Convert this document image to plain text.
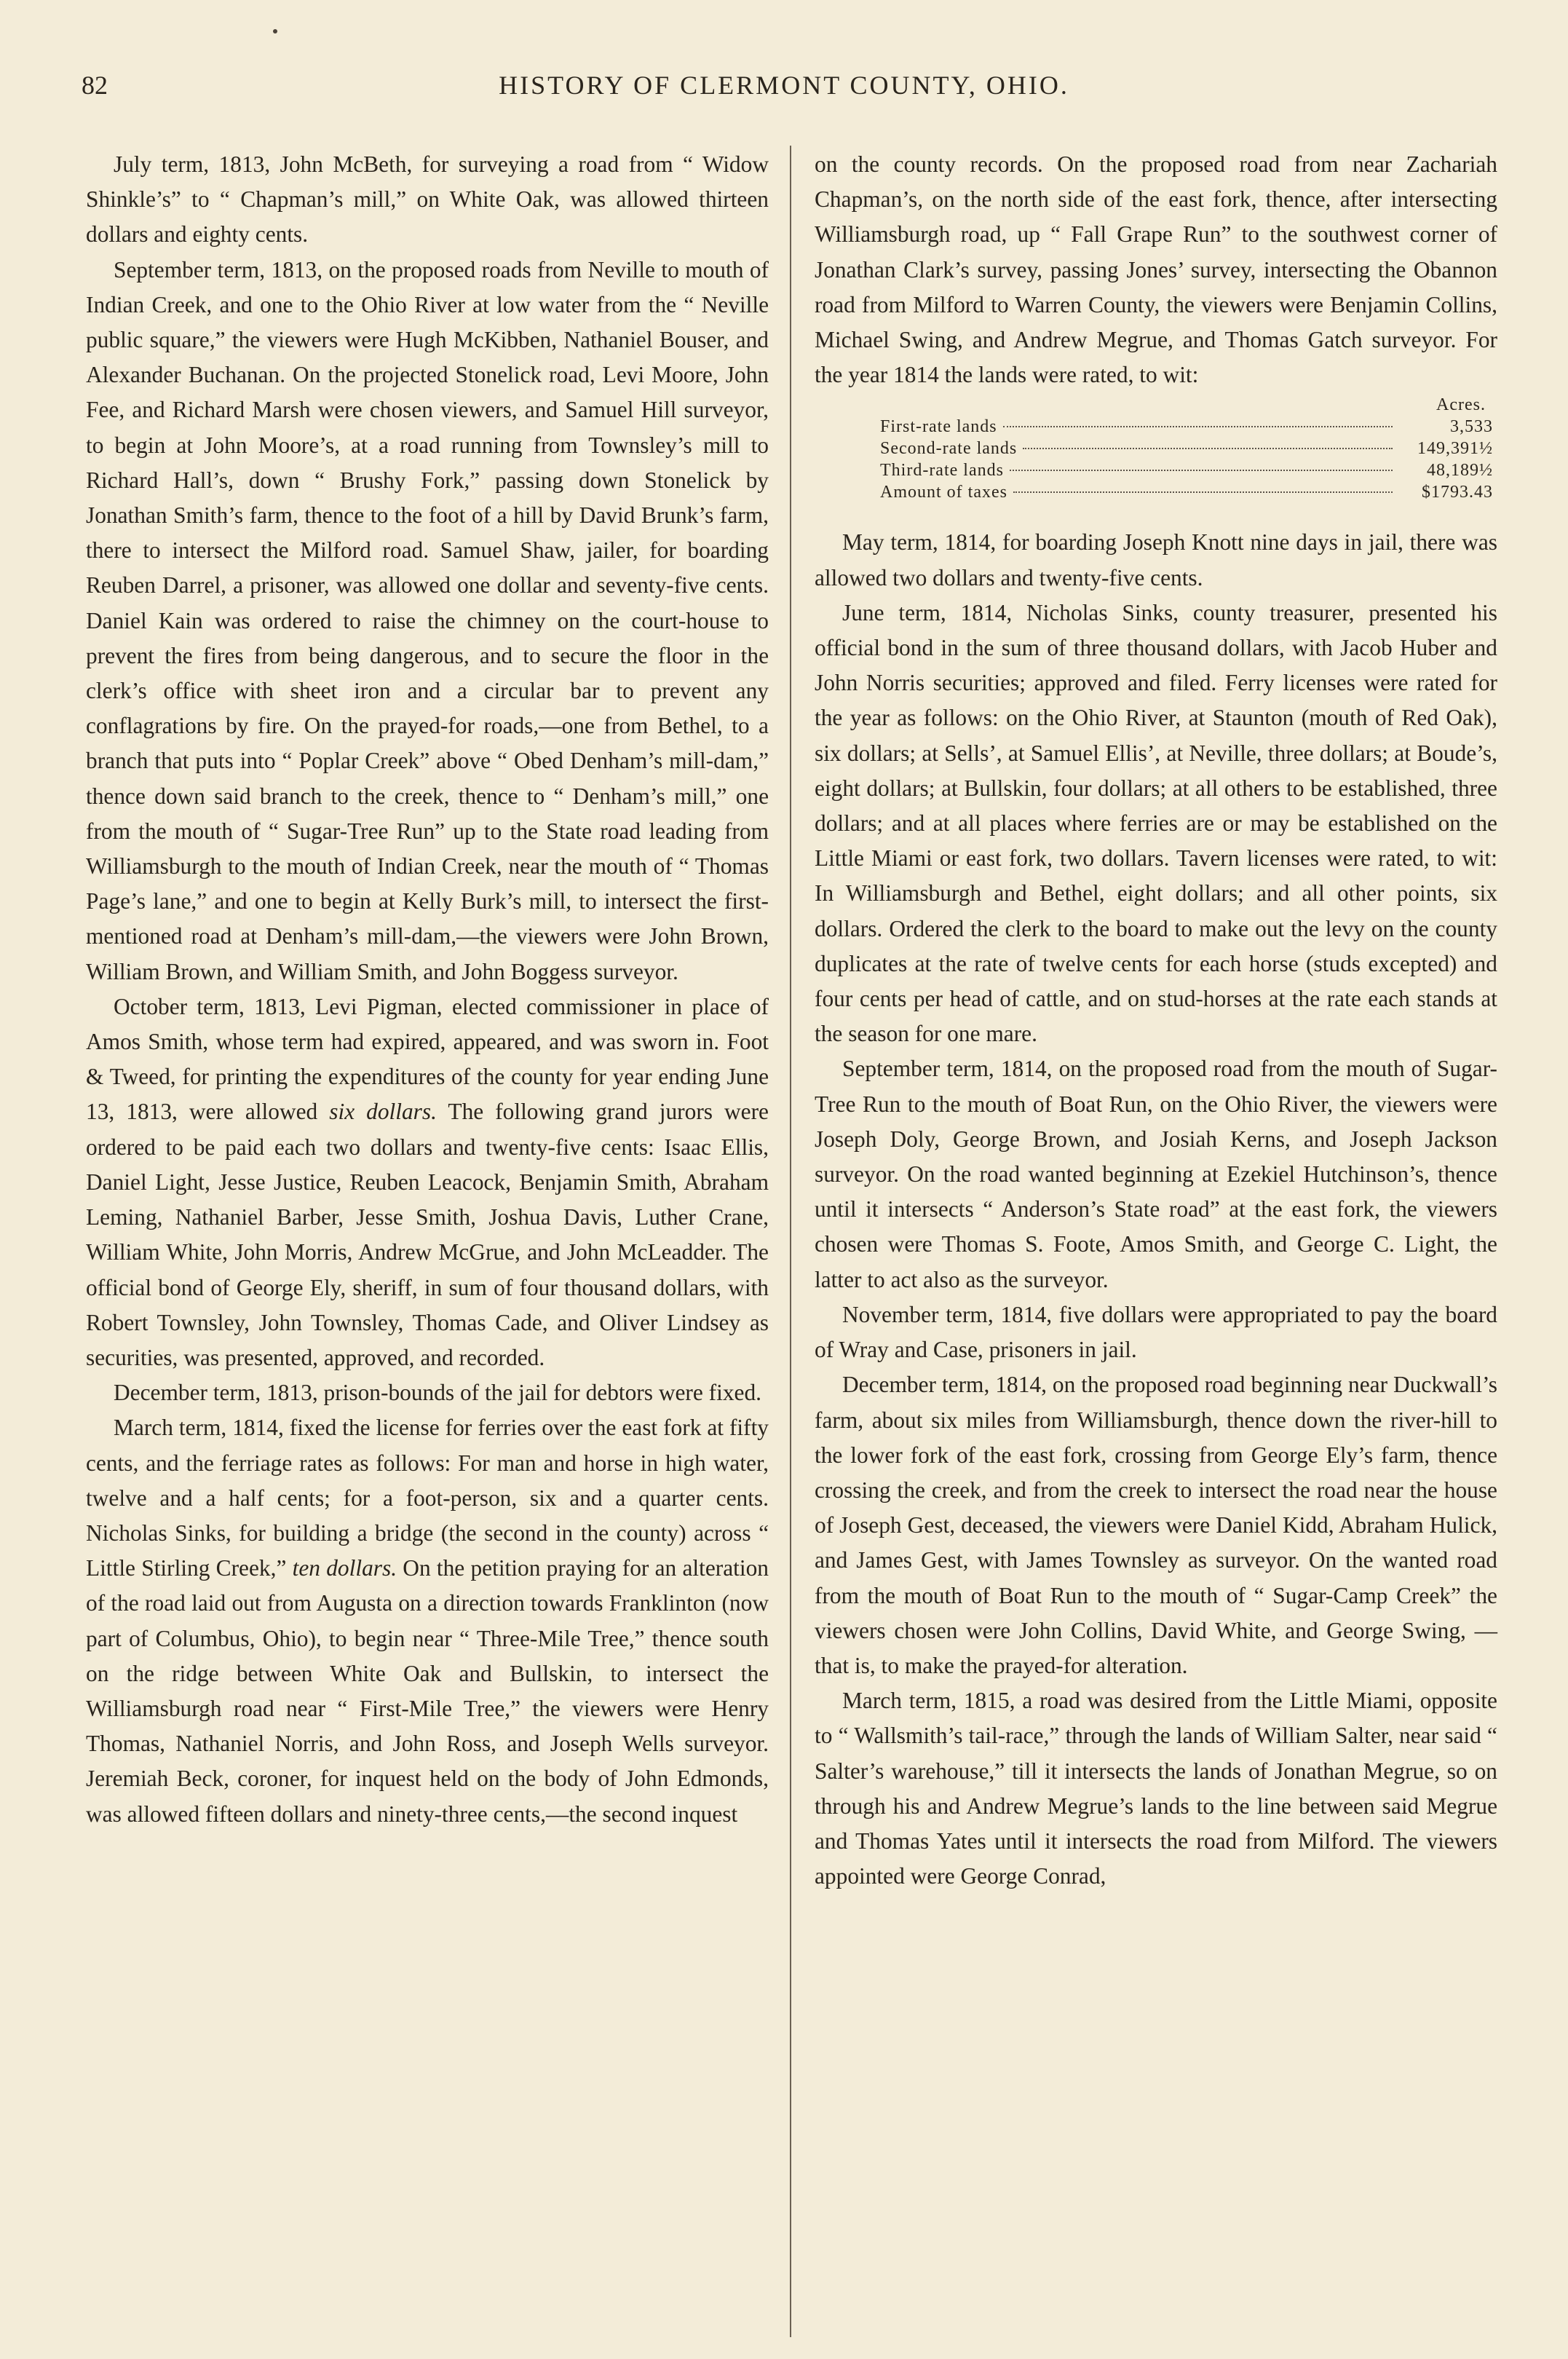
82	HISTORY OF CLERMONT COUNTY, OHIO.

July term, 1813, John McBeth, for surveying a road from “ Widow Shinkle’s” to “ Chapman’s mill,” on White Oak, was allowed thirteen dollars and eighty cents.

September term, 1813, on the proposed roads from Neville to mouth of Indian Creek, and one to the Ohio River at low water from the “ Neville public square,” the viewers were Hugh McKibben, Nathaniel Bouser, and Alexander Buchanan. On the projected Stonelick road, Levi Moore, John Fee, and Richard Marsh were chosen viewers, and Samuel Hill surveyor, to begin at John Moore’s, at a road running from Townsley’s mill to Richard Hall’s, down “ Brushy Fork,” passing down Stonelick by Jonathan Smith’s farm, thence to the foot of a hill by David Brunk’s farm, there to intersect the Milford road. Samuel Shaw, jailer, for boarding Reuben Darrel, a prisoner, was allowed one dollar and seventy-five cents. Daniel Kain was ordered to raise the chimney on the court-house to prevent the fires from being dangerous, and to secure the floor in the clerk’s office with sheet iron and a circular bar to prevent any conflagrations by fire. On the prayed-for roads,—one from Bethel, to a branch that puts into “ Poplar Creek” above “ Obed Denham’s mill-dam,” thence down said branch to the creek, thence to “ Denham’s mill,” one from the mouth of “ Sugar-Tree Run” up to the State road leading from Williamsburgh to the mouth of Indian Creek, near the mouth of “ Thomas Page’s lane,” and one to begin at Kelly Burk’s mill, to intersect the first-mentioned road at Denham’s mill-dam,—the viewers were John Brown, William Brown, and William Smith, and John Boggess surveyor.

October term, 1813, Levi Pigman, elected commissioner in place of Amos Smith, whose term had expired, appeared, and was sworn in. Foot & Tweed, for printing the expenditures of the county for year ending June 13, 1813, were allowed six dollars. The following grand jurors were ordered to be paid each two dollars and twenty-five cents: Isaac Ellis, Daniel Light, Jesse Justice, Reuben Leacock, Benjamin Smith, Abraham Leming, Nathaniel Barber, Jesse Smith, Joshua Davis, Luther Crane, William White, John Morris, Andrew McGrue, and John McLeadder. The official bond of George Ely, sheriff, in sum of four thousand dollars, with Robert Townsley, John Townsley, Thomas Cade, and Oliver Lindsey as securities, was presented, approved, and recorded.

December term, 1813, prison-bounds of the jail for debtors were fixed.

March term, 1814, fixed the license for ferries over the east fork at fifty cents, and the ferriage rates as follows: For man and horse in high water, twelve and a half cents; for a foot-person, six and a quarter cents. Nicholas Sinks, for building a bridge (the second in the county) across “ Little Stirling Creek,” ten dollars. On the petition praying for an alteration of the road laid out from Augusta on a direction towards Franklinton (now part of Columbus, Ohio), to begin near “ Three-Mile Tree,” thence south on the ridge between White Oak and Bullskin, to intersect the Williamsburgh road near “ First-Mile Tree,” the viewers were Henry Thomas, Nathaniel Norris, and John Ross, and Joseph Wells surveyor. Jeremiah Beck, coroner, for inquest held on the body of John Edmonds, was allowed fifteen dollars and ninety-three cents,—the second inquest

on the county records. On the proposed road from near Zachariah Chapman’s, on the north side of the east fork, thence, after intersecting Williamsburgh road, up “ Fall Grape Run” to the southwest corner of Jonathan Clark’s survey, passing Jones’ survey, intersecting the Obannon road from Milford to Warren County, the viewers were Benjamin Collins, Michael Swing, and Andrew Megrue, and Thomas Gatch surveyor. For the year 1814 the lands were rated, to wit:

Acres.
First-rate lands	3,533
Second-rate lands	149,391½
Third-rate lands	48,189½
Amount of taxes	$1793.43

May term, 1814, for boarding Joseph Knott nine days in jail, there was allowed two dollars and twenty-five cents.

June term, 1814, Nicholas Sinks, county treasurer, presented his official bond in the sum of three thousand dollars, with Jacob Huber and John Norris securities; approved and filed. Ferry licenses were rated for the year as follows: on the Ohio River, at Staunton (mouth of Red Oak), six dollars; at Sells’, at Samuel Ellis’, at Neville, three dollars; at Boude’s, eight dollars; at Bullskin, four dollars; at all others to be established, three dollars; and at all places where ferries are or may be established on the Little Miami or east fork, two dollars. Tavern licenses were rated, to wit: In Williamsburgh and Bethel, eight dollars; and all other points, six dollars. Ordered the clerk to the board to make out the levy on the county duplicates at the rate of twelve cents for each horse (studs excepted) and four cents per head of cattle, and on stud-horses at the rate each stands at the season for one mare.

September term, 1814, on the proposed road from the mouth of Sugar-Tree Run to the mouth of Boat Run, on the Ohio River, the viewers were Joseph Doly, George Brown, and Josiah Kerns, and Joseph Jackson surveyor. On the road wanted beginning at Ezekiel Hutchinson’s, thence until it intersects “ Anderson’s State road” at the east fork, the viewers chosen were Thomas S. Foote, Amos Smith, and George C. Light, the latter to act also as the surveyor.

November term, 1814, five dollars were appropriated to pay the board of Wray and Case, prisoners in jail.

December term, 1814, on the proposed road beginning near Duckwall’s farm, about six miles from Williamsburgh, thence down the river-hill to the lower fork of the east fork, crossing from George Ely’s farm, thence crossing the creek, and from the creek to intersect the road near the house of Joseph Gest, deceased, the viewers were Daniel Kidd, Abraham Hulick, and James Gest, with James Townsley as surveyor. On the wanted road from the mouth of Boat Run to the mouth of “ Sugar-Camp Creek” the viewers chosen were John Collins, David White, and George Swing, —that is, to make the prayed-for alteration.

March term, 1815, a road was desired from the Little Miami, opposite to “ Wallsmith’s tail-race,” through the lands of William Salter, near said “ Salter’s warehouse,” till it intersects the lands of Jonathan Megrue, so on through his and Andrew Megrue’s lands to the line between said Megrue and Thomas Yates until it intersects the road from Milford. The viewers appointed were George Conrad,
